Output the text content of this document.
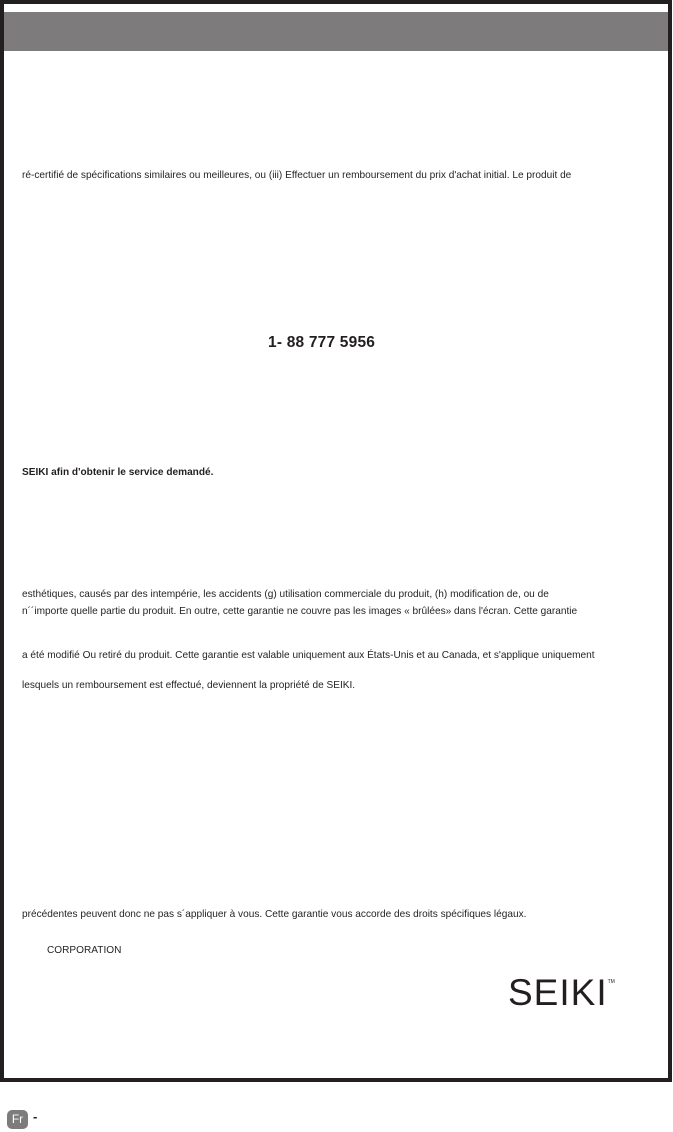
ré-certifié de spécifications similaires ou meilleures, ou (iii) Effectuer un remboursement du prix d'achat initial. Le produit de
1- 88 777 5956
SEIKI afin d'obtenir le service demandé.
esthétiques, causés par des intempérie, les accidents (g) utilisation commerciale du produit, (h) modification de, ou de
n´´importe quelle partie du produit. En outre, cette garantie ne couvre pas les images « brûlées» dans l'écran. Cette garantie
a été modifié Ou retiré du produit. Cette garantie est valable uniquement aux États-Unis et au Canada, et s'applique uniquement
lesquels un remboursement est effectué, deviennent la propriété de SEIKI.
précédentes peuvent donc ne pas s´appliquer à vous. Cette garantie vous accorde des droits spécifiques légaux.
CORPORATION
SEIKI™
Fr -
